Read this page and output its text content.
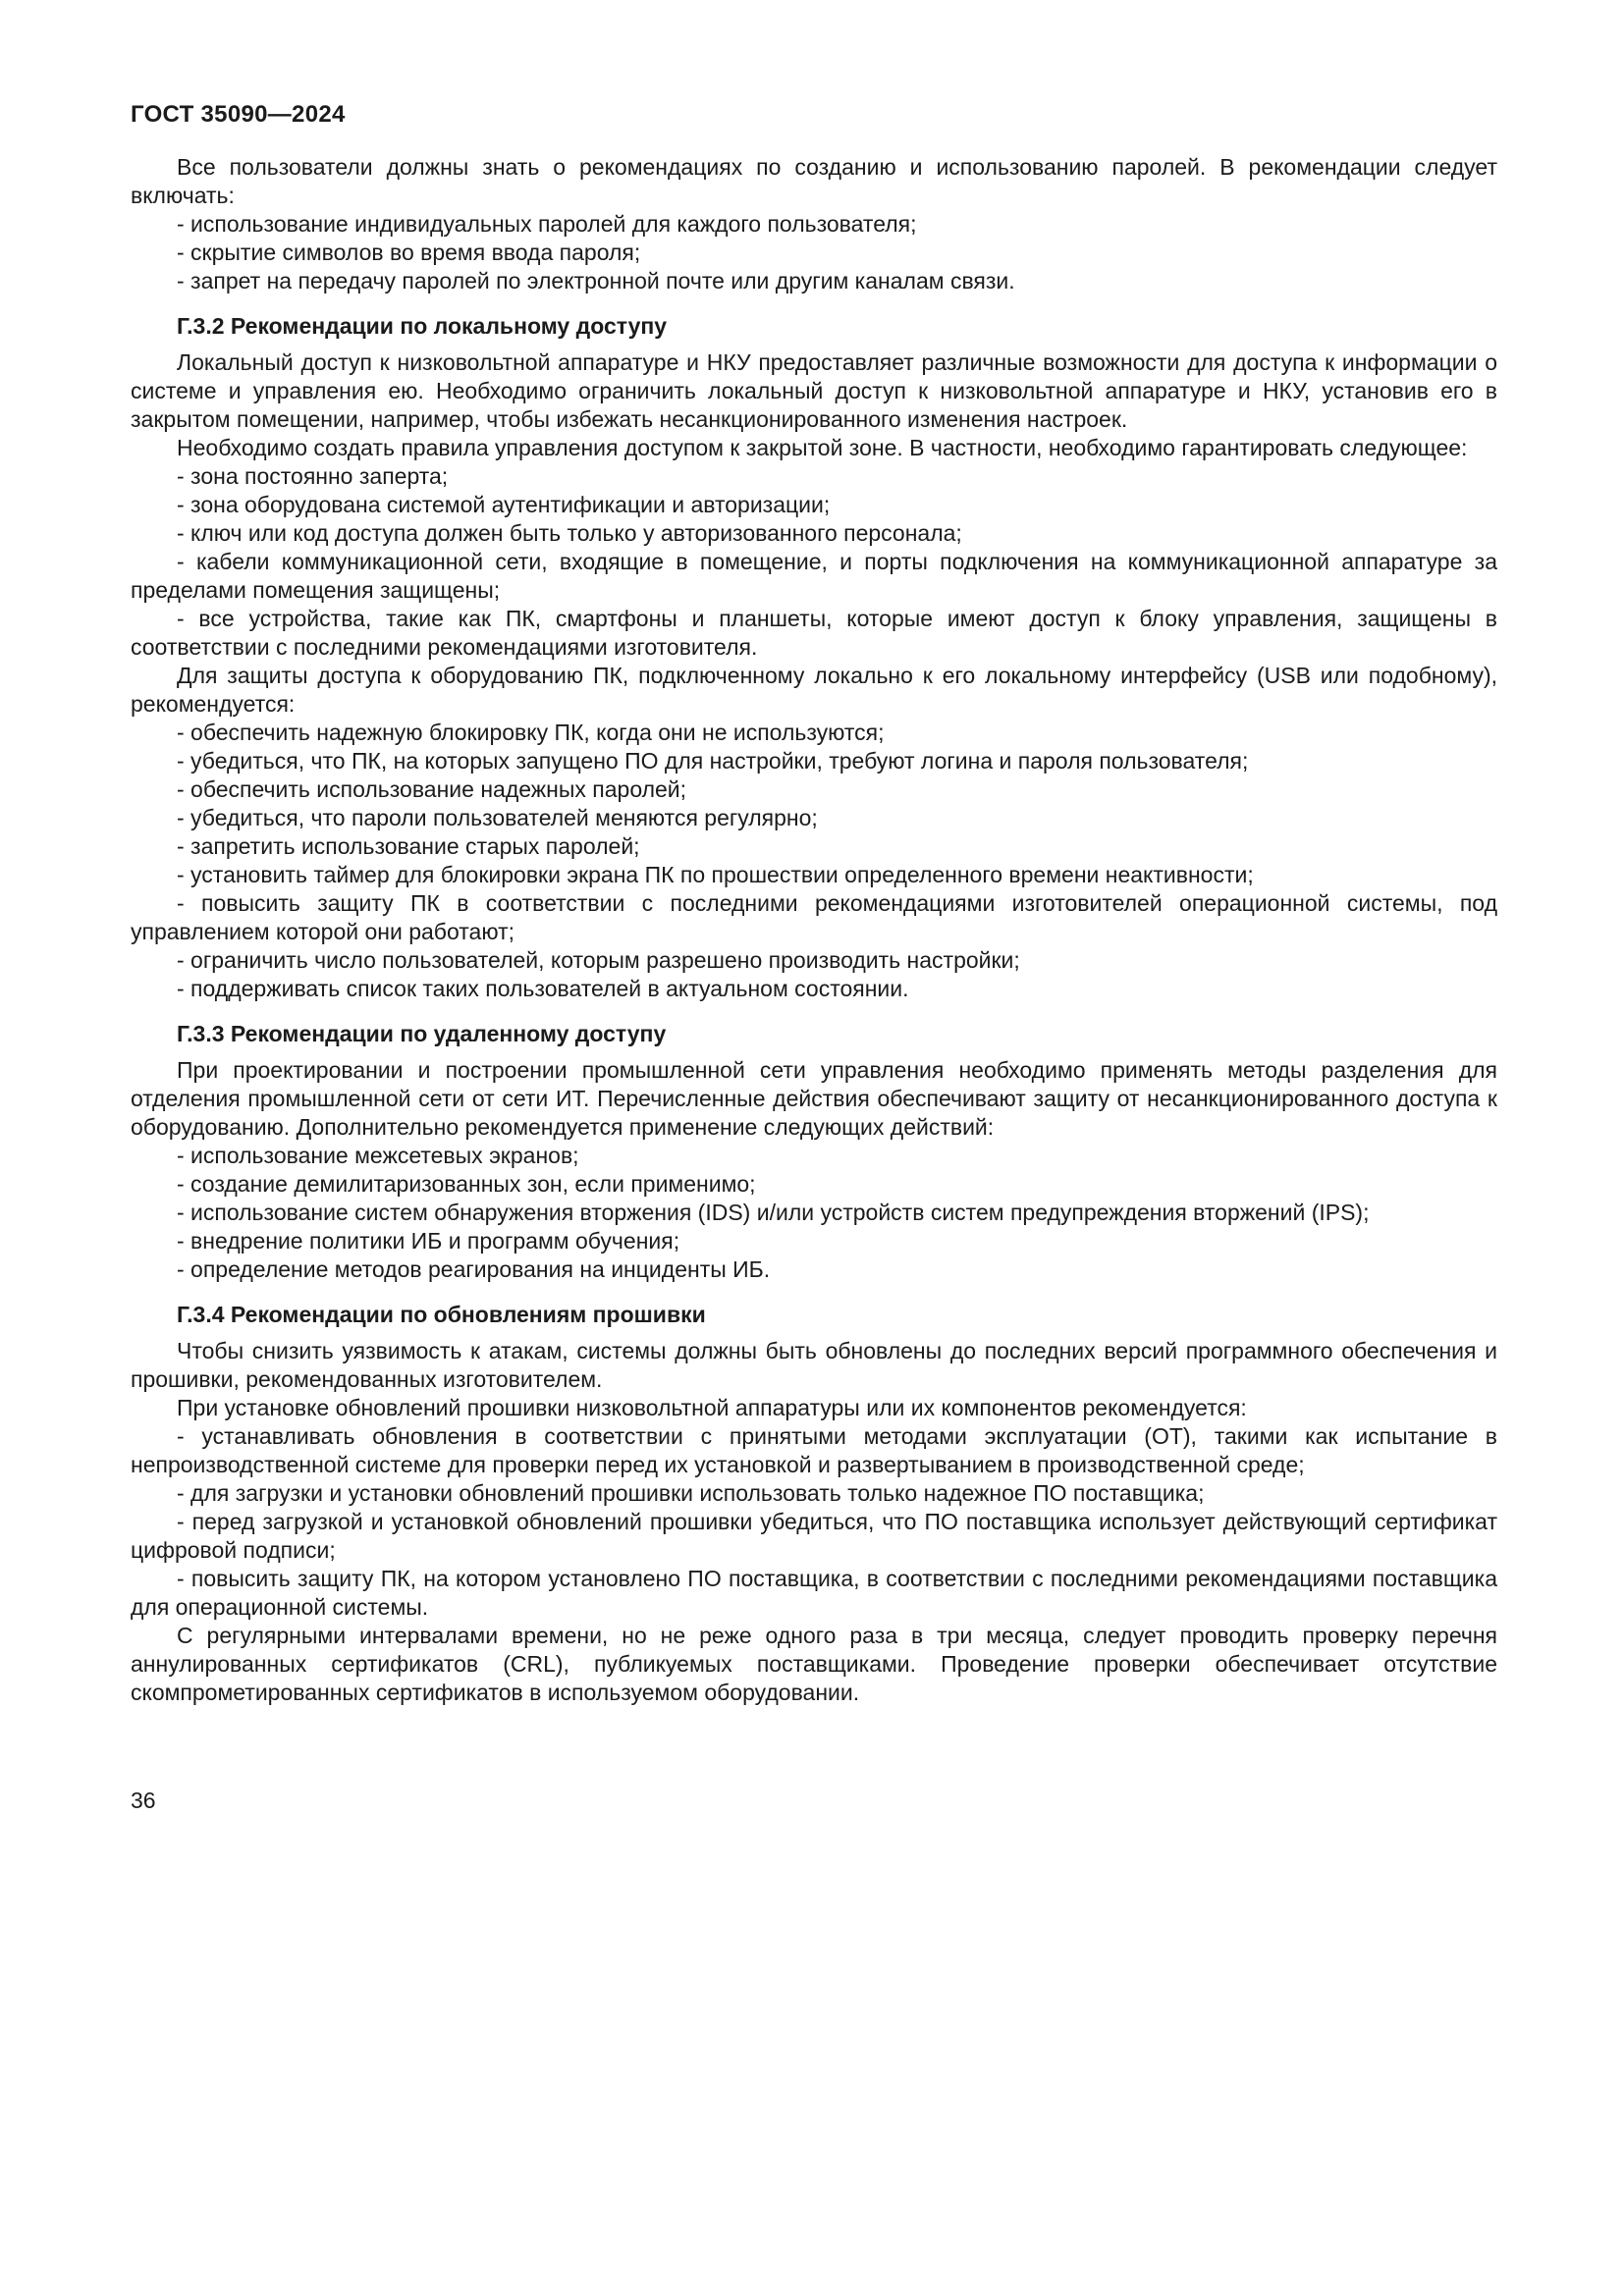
ГОСТ 35090—2024
Все пользователи должны знать о рекомендациях по созданию и использованию паролей. В рекомендации следует включать:
- использование индивидуальных паролей для каждого пользователя;
- скрытие символов во время ввода пароля;
- запрет на передачу паролей по электронной почте или другим каналам связи.
Г.3.2 Рекомендации по локальному доступу
Локальный доступ к низковольтной аппаратуре и НКУ предоставляет различные возможности для доступа к информации о системе и управления ею. Необходимо ограничить локальный доступ к низковольтной аппаратуре и НКУ, установив его в закрытом помещении, например, чтобы избежать несанкционированного изменения настроек.
Необходимо создать правила управления доступом к закрытой зоне. В частности, необходимо гарантировать следующее:
- зона постоянно заперта;
- зона оборудована системой аутентификации и авторизации;
- ключ или код доступа должен быть только у авторизованного персонала;
- кабели коммуникационной сети, входящие в помещение, и порты подключения на коммуникационной аппаратуре за пределами помещения защищены;
- все устройства, такие как ПК, смартфоны и планшеты, которые имеют доступ к блоку управления, защищены в соответствии с последними рекомендациями изготовителя.
Для защиты доступа к оборудованию ПК, подключенному локально к его локальному интерфейсу (USB или подобному), рекомендуется:
- обеспечить надежную блокировку ПК, когда они не используются;
- убедиться, что ПК, на которых запущено ПО для настройки, требуют логина и пароля пользователя;
- обеспечить использование надежных паролей;
- убедиться, что пароли пользователей меняются регулярно;
- запретить использование старых паролей;
- установить таймер для блокировки экрана ПК по прошествии определенного времени неактивности;
- повысить защиту ПК в соответствии с последними рекомендациями изготовителей операционной системы, под управлением которой они работают;
- ограничить число пользователей, которым разрешено производить настройки;
- поддерживать список таких пользователей в актуальном состоянии.
Г.3.3 Рекомендации по удаленному доступу
При проектировании и построении промышленной сети управления необходимо применять методы разделения для отделения промышленной сети от сети ИТ. Перечисленные действия обеспечивают защиту от несанкционированного доступа к оборудованию. Дополнительно рекомендуется применение следующих действий:
- использование межсетевых экранов;
- создание демилитаризованных зон, если применимо;
- использование систем обнаружения вторжения (IDS) и/или устройств систем предупреждения вторжений (IPS);
- внедрение политики ИБ и программ обучения;
- определение методов реагирования на инциденты ИБ.
Г.3.4 Рекомендации по обновлениям прошивки
Чтобы снизить уязвимость к атакам, системы должны быть обновлены до последних версий программного обеспечения и прошивки, рекомендованных изготовителем.
При установке обновлений прошивки низковольтной аппаратуры или их компонентов рекомендуется:
- устанавливать обновления в соответствии с принятыми методами эксплуатации (ОТ), такими как испытание в непроизводственной системе для проверки перед их установкой и развертыванием в производственной среде;
- для загрузки и установки обновлений прошивки использовать только надежное ПО поставщика;
- перед загрузкой и установкой обновлений прошивки убедиться, что ПО поставщика использует действующий сертификат цифровой подписи;
- повысить защиту ПК, на котором установлено ПО поставщика, в соответствии с последними рекомендациями поставщика для операционной системы.
С регулярными интервалами времени, но не реже одного раза в три месяца, следует проводить проверку перечня аннулированных сертификатов (CRL), публикуемых поставщиками. Проведение проверки обеспечивает отсутствие скомпрометированных сертификатов в используемом оборудовании.
36
